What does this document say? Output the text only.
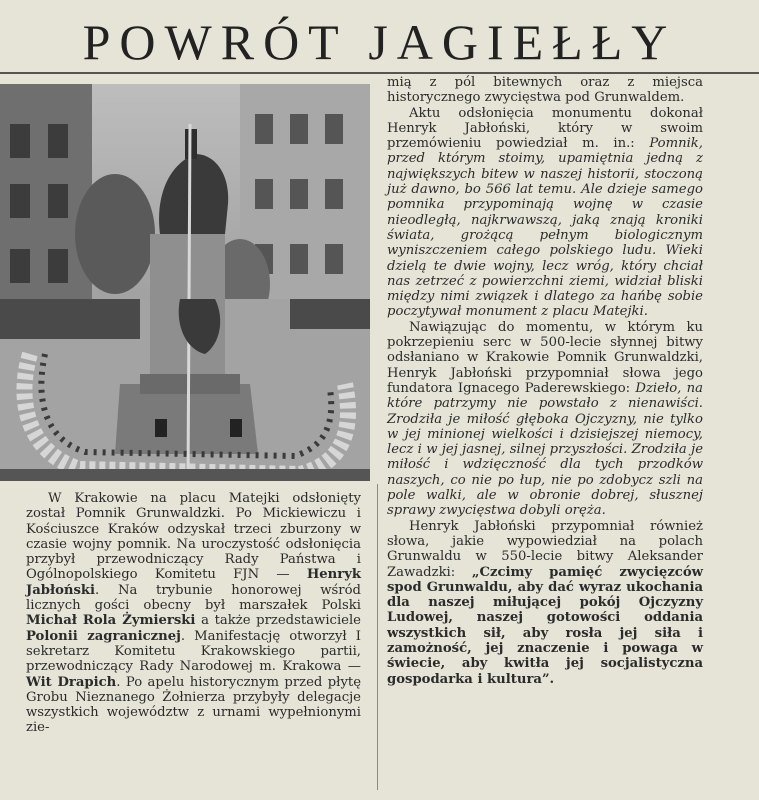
POWRÓT JAGIEŁŁY

W Krakowie na placu Matejki odsłonięty został Pomnik Grunwaldzki. Po Mickiewiczu i Kościuszce Kraków odzyskał trzeci zburzony w czasie wojny pomnik. Na uroczystość odsłonięcia przybył przewodniczący Rady Państwa i Ogólnopolskiego Komitetu FJN — Henryk Jabłoński. Na trybunie honorowej wśród licznych gości obecny był marszałek Polski Michał Rola Żymierski a także przedstawiciele Polonii zagranicznej. Manifestację otworzył I sekretarz Komitetu Krakowskiego partii, przewodniczący Rady Narodowej m. Krakowa — Wit Drapich. Po apelu historycznym przed płytę Grobu Nieznanego Żołnierza przybyły delegacje wszystkich województw z urnami wypełnionymi zie-

mią z pól bitewnych oraz z miejsca historycznego zwycięstwa pod Grunwaldem.

Aktu odsłonięcia monumentu dokonał Henryk Jabłoński, który w swoim przemówieniu powiedział m. in.: Pomnik, przed którym stoimy, upamiętnia jedną z największych bitew w naszej historii, stoczoną już dawno, bo 566 lat temu. Ale dzieje samego pomnika przypominają wojnę w czasie nieodległą, najkrwawszą, jaką znają kroniki świata, grożącą pełnym biologicznym wyniszczeniem całego polskiego ludu. Wieki dzielą te dwie wojny, lecz wróg, który chciał nas zetrzeć z powierzchni ziemi, widział bliski między nimi związek i dlatego za hańbę sobie poczytywał monument z placu Matejki.

Nawiązując do momentu, w którym ku pokrzepieniu serc w 500-lecie słynnej bitwy odsłaniano w Krakowie Pomnik Grunwaldzki, Henryk Jabłoński przypomniał słowa jego fundatora Ignacego Paderewskiego: Dzieło, na które patrzymy nie powstało z nienawiści. Zrodziła je miłość głęboka Ojczyzny, nie tylko w jej minionej wielkości i dzisiejszej niemocy, lecz i w jej jasnej, silnej przyszłości. Zrodziła je miłość i wdzięczność dla tych przodków naszych, co nie po łup, nie po zdobycz szli na pole walki, ale w obronie dobrej, słusznej sprawy zwycięstwa dobyli oręża.

Henryk Jabłoński przypomniał również słowa, jakie wypowiedział na polach Grunwaldu w 550-lecie bitwy Aleksander Zawadzki: „Czcimy pamięć zwycięzców spod Grunwaldu, aby dać wyraz ukochania dla naszej miłującej pokój Ojczyzny Ludowej, naszej gotowości oddania wszystkich sił, aby rosła jej siła i zamożność, jej znaczenie i powaga w świecie, aby kwitła jej socjalistyczna gospodarka i kultura”.
